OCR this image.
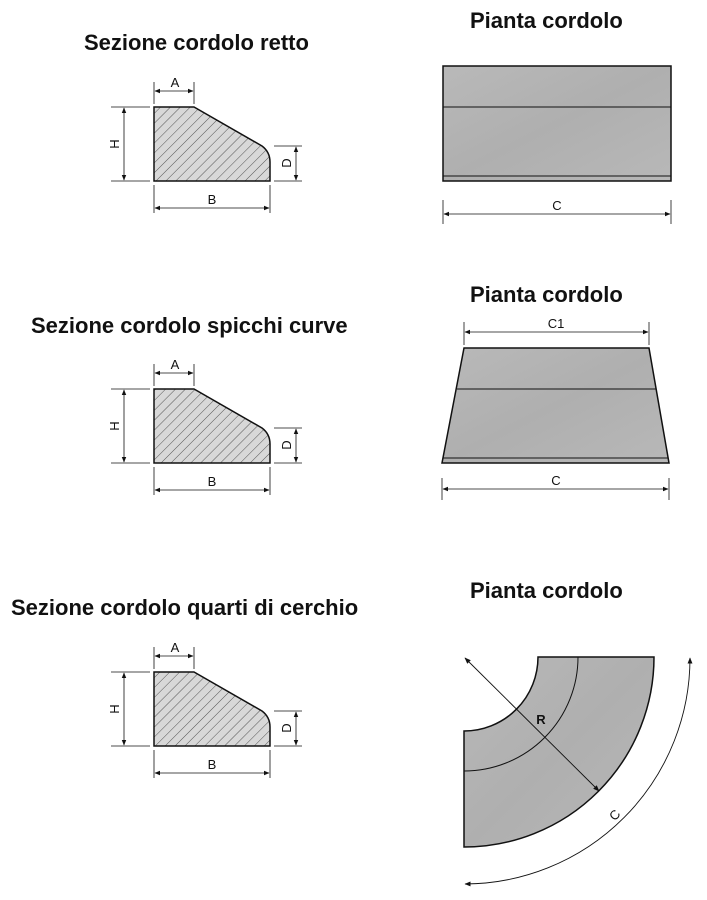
Sezione cordolo retto
Pianta cordolo
Sezione cordolo spicchi curve
Pianta cordolo
Sezione cordolo quarti di cerchio
Pianta cordolo
A
H
D
B	C
A
H
D
B
C1
C
A
H
D
B
R
C
